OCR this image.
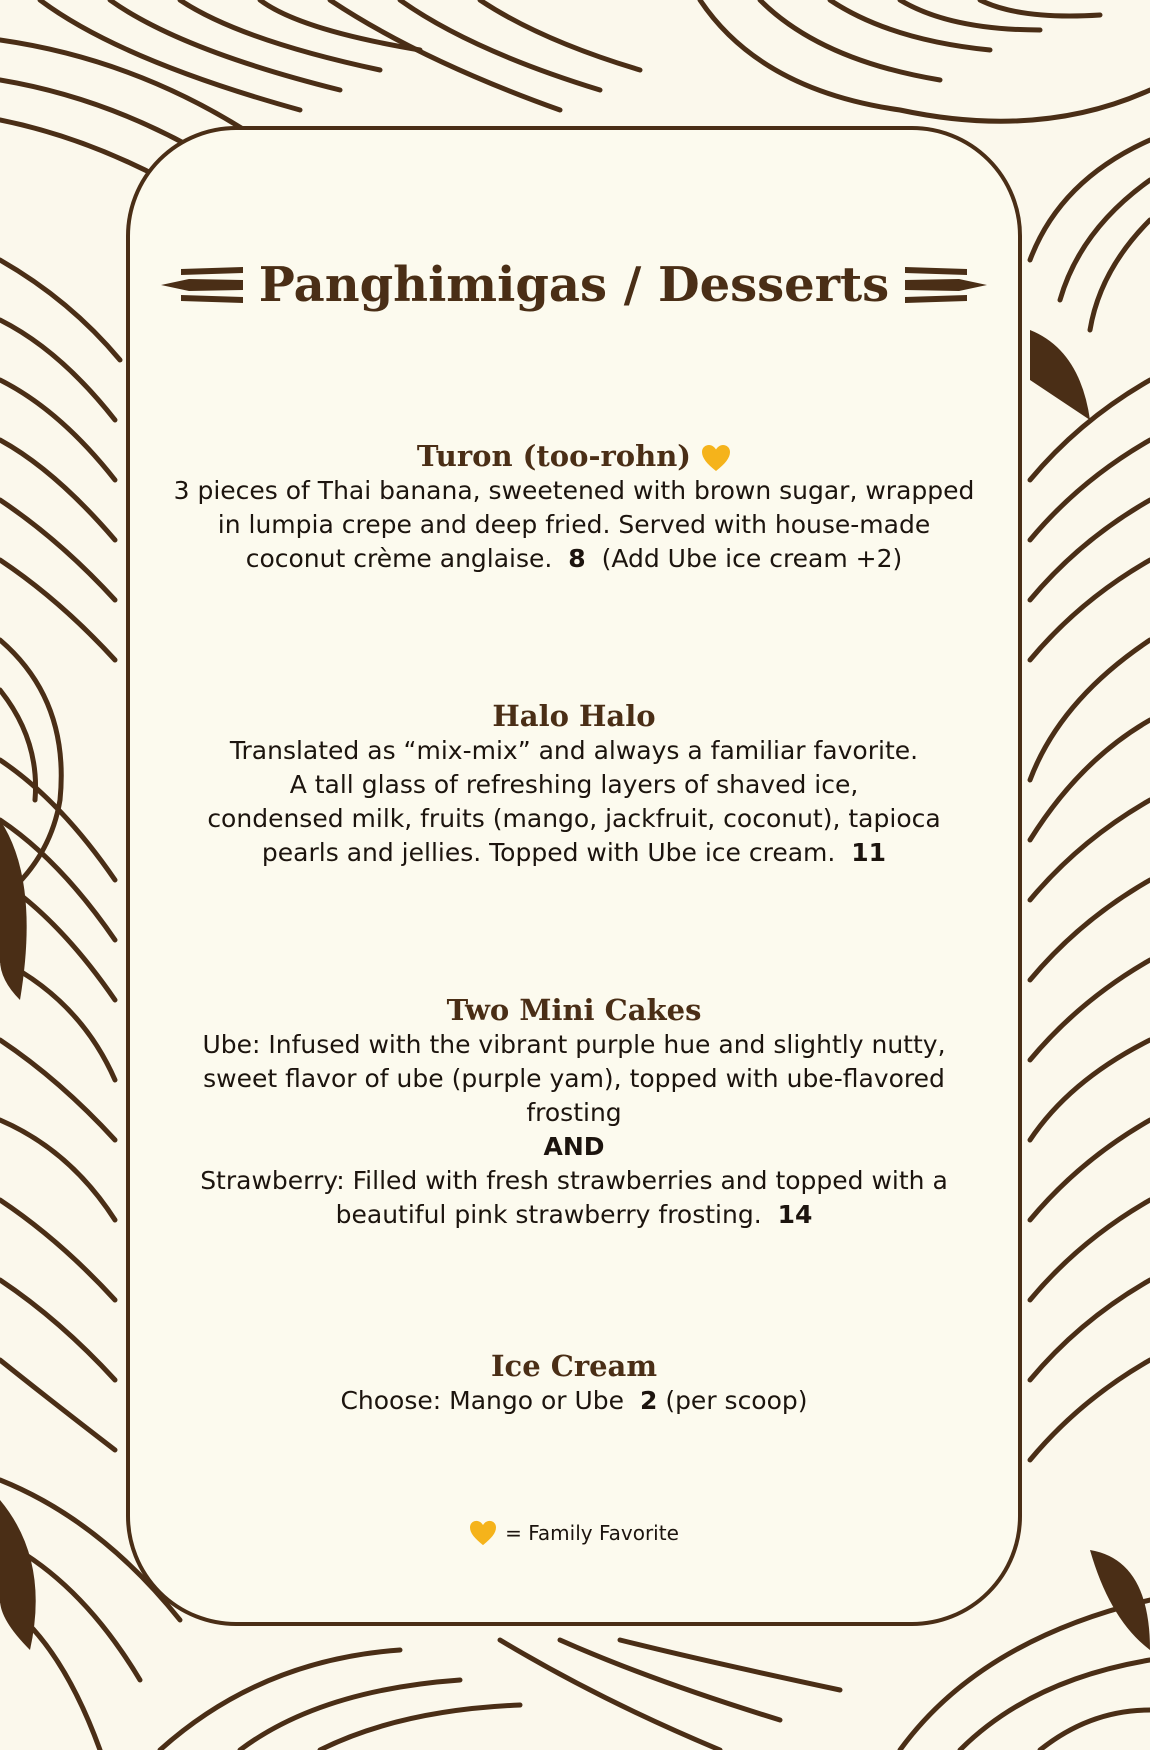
Panghimigas / Desserts
Turon (too-rohn)
3 pieces of Thai banana, sweetened with brown sugar, wrapped in lumpia crepe and deep fried. Served with house-made coconut crème anglaise. 8 (Add Ube ice cream +2)
Halo Halo
Translated as “mix-mix” and always a familiar favorite.
A tall glass of refreshing layers of shaved ice,
condensed milk, fruits (mango, jackfruit, coconut), tapioca
pearls and jellies. Topped with Ube ice cream. 11
Two Mini Cakes
Ube: Infused with the vibrant purple hue and slightly nutty, sweet flavor of ube (purple yam), topped with ube-flavored frosting
AND
Strawberry: Filled with fresh strawberries and topped with a beautiful pink strawberry frosting. 14
Ice Cream
Choose: Mango or Ube 2 (per scoop)
= Family Favorite
